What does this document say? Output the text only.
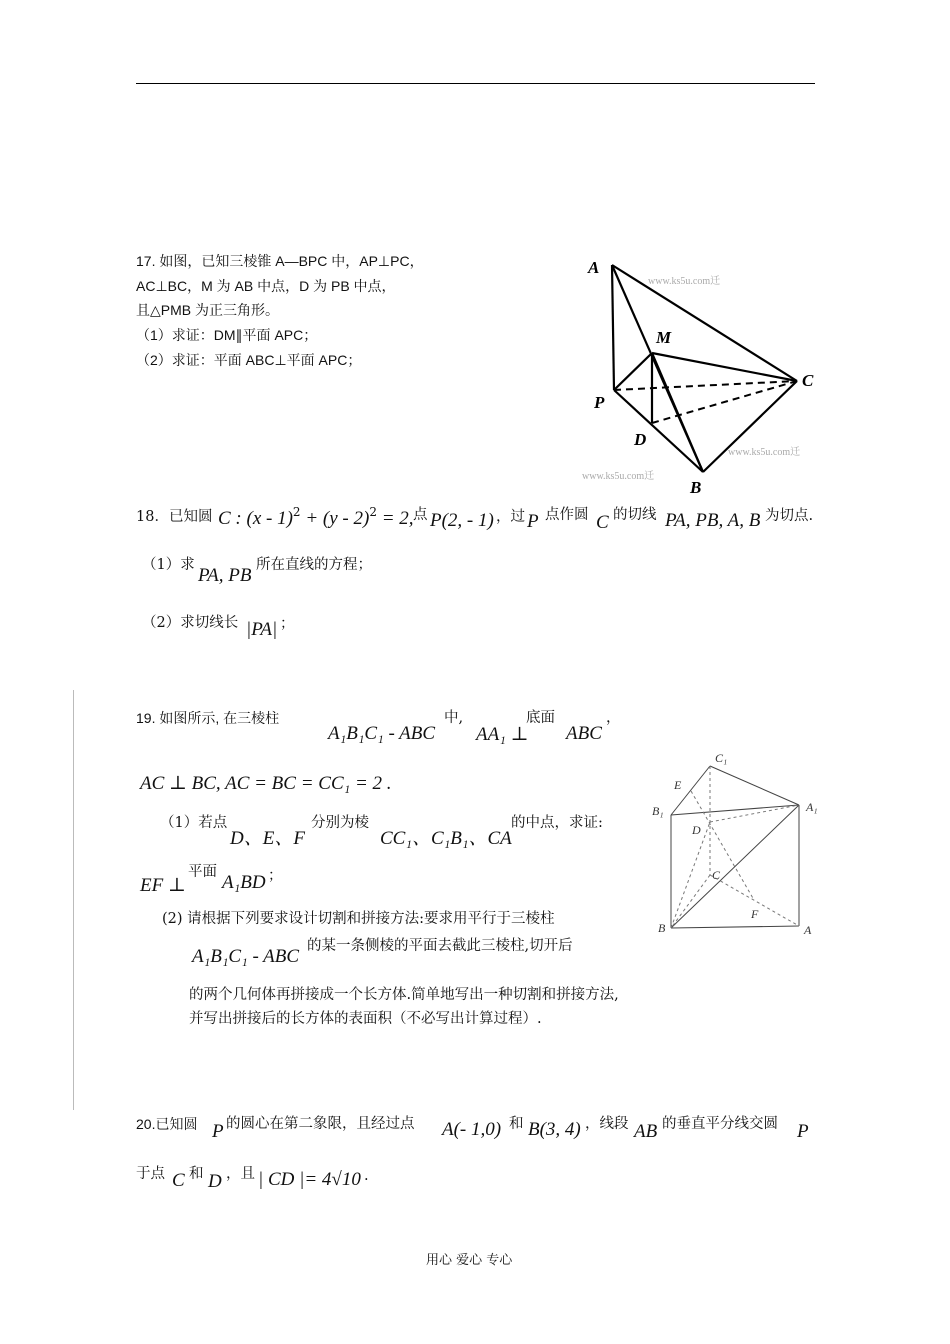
17. 如图，已知三棱锥 A—BPC 中，AP⊥PC，
AC⊥BC，M 为 AB 中点，D 为 PB 中点，
且△PMB 为正三角形。
（1）求证：DM∥平面 APC；
（2）求证：平面 ABC⊥平面 APC；
A
M
C
P
D
B
www.ks5u.com迁
www.ks5u.com迁
www.ks5u.com迁
18．已知圆 C : (x - 1)$^2$ + (y - 2)$^2$ = 2, 点 P(2, - 1) ，过 P 点作圆 C 的切线 PA, PB, A, B 为切点.
（1）求 PA, PB 所在直线的方程；
（2）求切线长 |PA| ；
19. 如图所示, 在三棱柱
A₁B₁C₁ - ABC
中,
AA₁ ⊥
底面
ABC
，
AC ⊥ BC, AC = BC = CC₁ = 2 .
（1）若点
D、E、F
分别为棱
CC₁、C₁B₁、CA
的中点，求证:
EF ⊥
平面 A₁BD ；
(2) 请根据下列要求设计切割和拼接方法:要求用平行于三棱柱
A₁B₁C₁ - ABC 的某一条侧棱的平面去截此三棱柱,切开后
的两个几何体再拼接成一个长方体.简单地写出一种切割和拼接方法,
并写出拼接后的长方体的表面积（不必写出计算过程）.
C₁
E
B₁	A₁
D
C
F
B	A
20.已知圆 P 的圆心在第二象限，且经过点 A(- 1,0) 和 B(3, 4) ，线段 AB 的垂直平分线交圆 P
于点 C 和 D ，且 | CD |= 4√10 .
用心 爱心 专心
